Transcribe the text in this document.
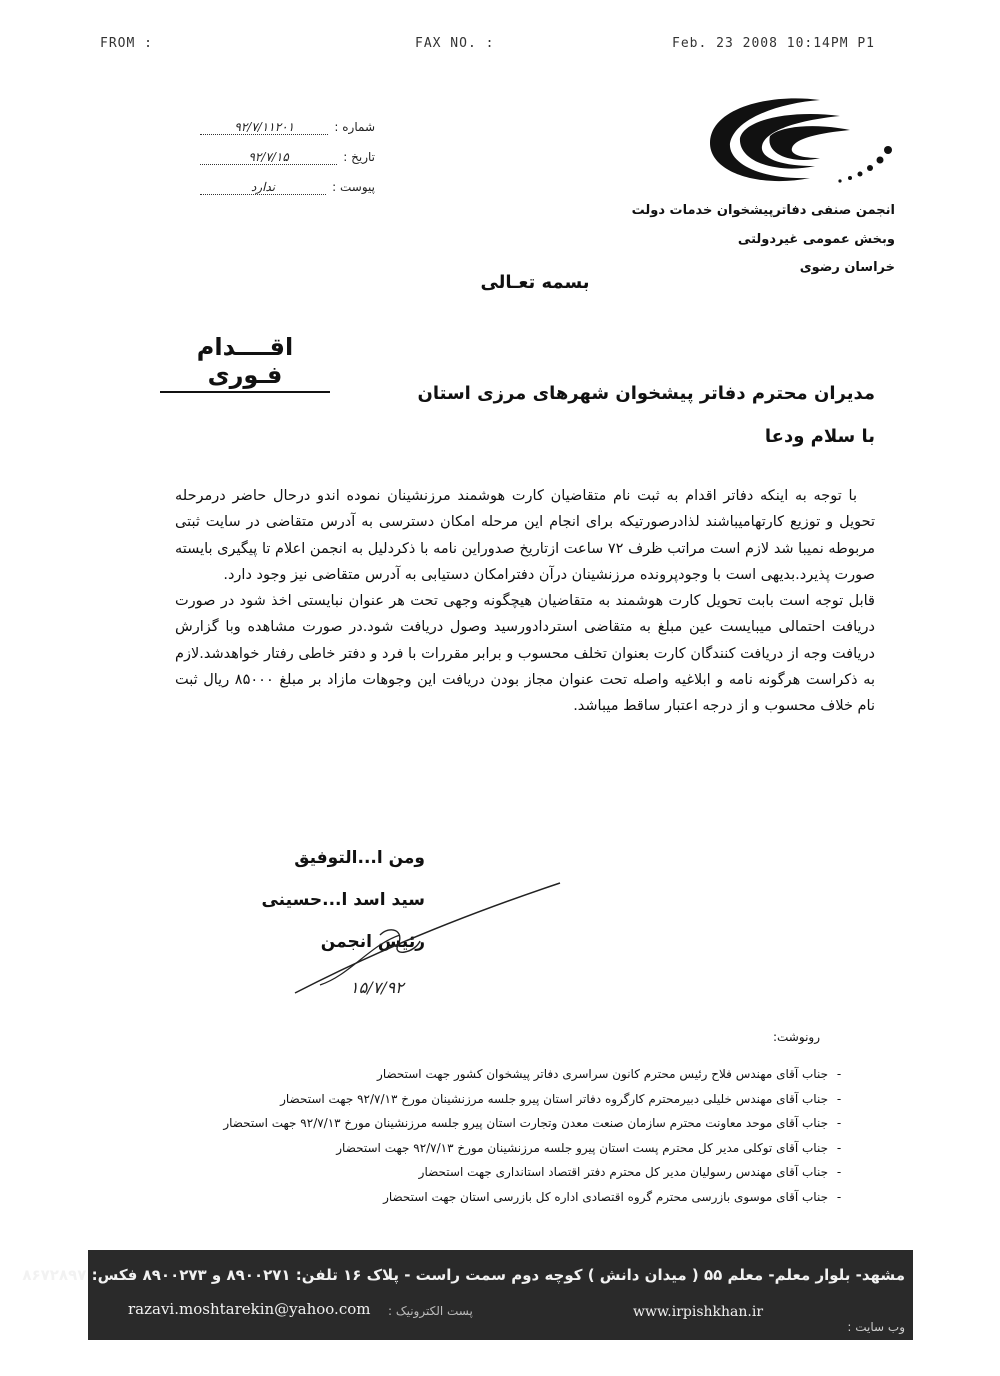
FROM :	FAX NO. :	Feb. 23 2008 10:14PM P1
شماره :
۹۲/۷/۱۱۲۰۱
تاریخ :
۹۲/۷/۱۵
پیوست :
ندارد
انجمن صنفی دفاترپیشخوان خدمات دولت
وبخش عمومی غیردولتی
خراسان رضوی
بسمه تعـالی
اقــــدام فـوری
مدیران محترم دفاتر پیشخوان شهرهای مرزی استان
با سلام ودعا

با توجه به اینکه دفاتر اقدام به ثبت نام متقاضیان کارت هوشمند مرزنشینان نموده اندو درحال حاضر درمرحله تحویل و توزیع کارتهامیباشند لذادرصورتیکه برای انجام این مرحله امکان دسترسی به آدرس متقاضی در سایت ثبتی مربوطه نمیبا شد لازم است مراتب ظرف ۷۲ ساعت ازتاریخ صدوراین نامه با ذکردلیل به انجمن اعلام تا پیگیری بایسته صورت پذیرد.بدیهی است با وجودپرونده مرزنشینان درآن دفترامکان دستیابی به آدرس متقاضی نیز وجود دارد.

قابل توجه است بابت تحویل کارت هوشمند به متقاضیان هیچگونه وجهی تحت هر عنوان نبایستی اخذ شود در صورت دریافت احتمالی میبایست عین مبلغ به متقاضی استردادورسید وصول دریافت شود.در صورت مشاهده وبا گزارش دریافت وجه از دریافت کنندگان کارت بعنوان تخلف محسوب و برابر مقررات با فرد و دفتر خاطی رفتار خواهدشد.لازم به ذکراست هرگونه نامه و ابلاغیه واصله تحت عنوان مجاز بودن دریافت این وجوهات مازاد بر مبلغ ۸۵۰۰۰ ریال ثبت نام خلاف محسوب و از درجه اعتبار ساقط میباشد.

ومن ا...التوفیق
سید اسد ا...حسینی
رئیس انجمن
۱۵/۷/۹۲
رونوشت:
-جناب آقای مهندس فلاح رئیس محترم کانون سراسری دفاتر پیشخوان کشور جهت استحضار
-جناب آقای مهندس خلیلی دبیرمحترم کارگروه دفاتر استان پیرو جلسه مرزنشینان مورخ ۹۲/۷/۱۳ جهت استحضار
-جناب آقای موحد معاونت محترم سازمان صنعت معدن وتجارت استان پیرو جلسه مرزنشینان مورخ ۹۲/۷/۱۳ جهت استحضار
-جناب آقای توکلی مدیر کل محترم پست استان پیرو جلسه مرزنشینان مورخ ۹۲/۷/۱۳ جهت استحضار
-جناب آقای مهندس رسولیان مدیر کل محترم دفتر اقتصاد استانداری جهت استحضار
-جناب آقای موسوی بازرسی محترم گروه اقتصادی اداره کل بازرسی استان جهت استحضار
مشهد- بلوار معلم- معلم ۵۵ ( میدان دانش ) کوچه دوم سمت راست - پلاک ۱۶ تلفن: ۸۹۰۰۲۷۱ و ۸۹۰۰۲۷۳ فکس: ۸۶۷۲۸۹۷
razavi.moshtarekin@yahoo.com پست الکترونیک :	www.irpishkhan.ir
وب سایت :
